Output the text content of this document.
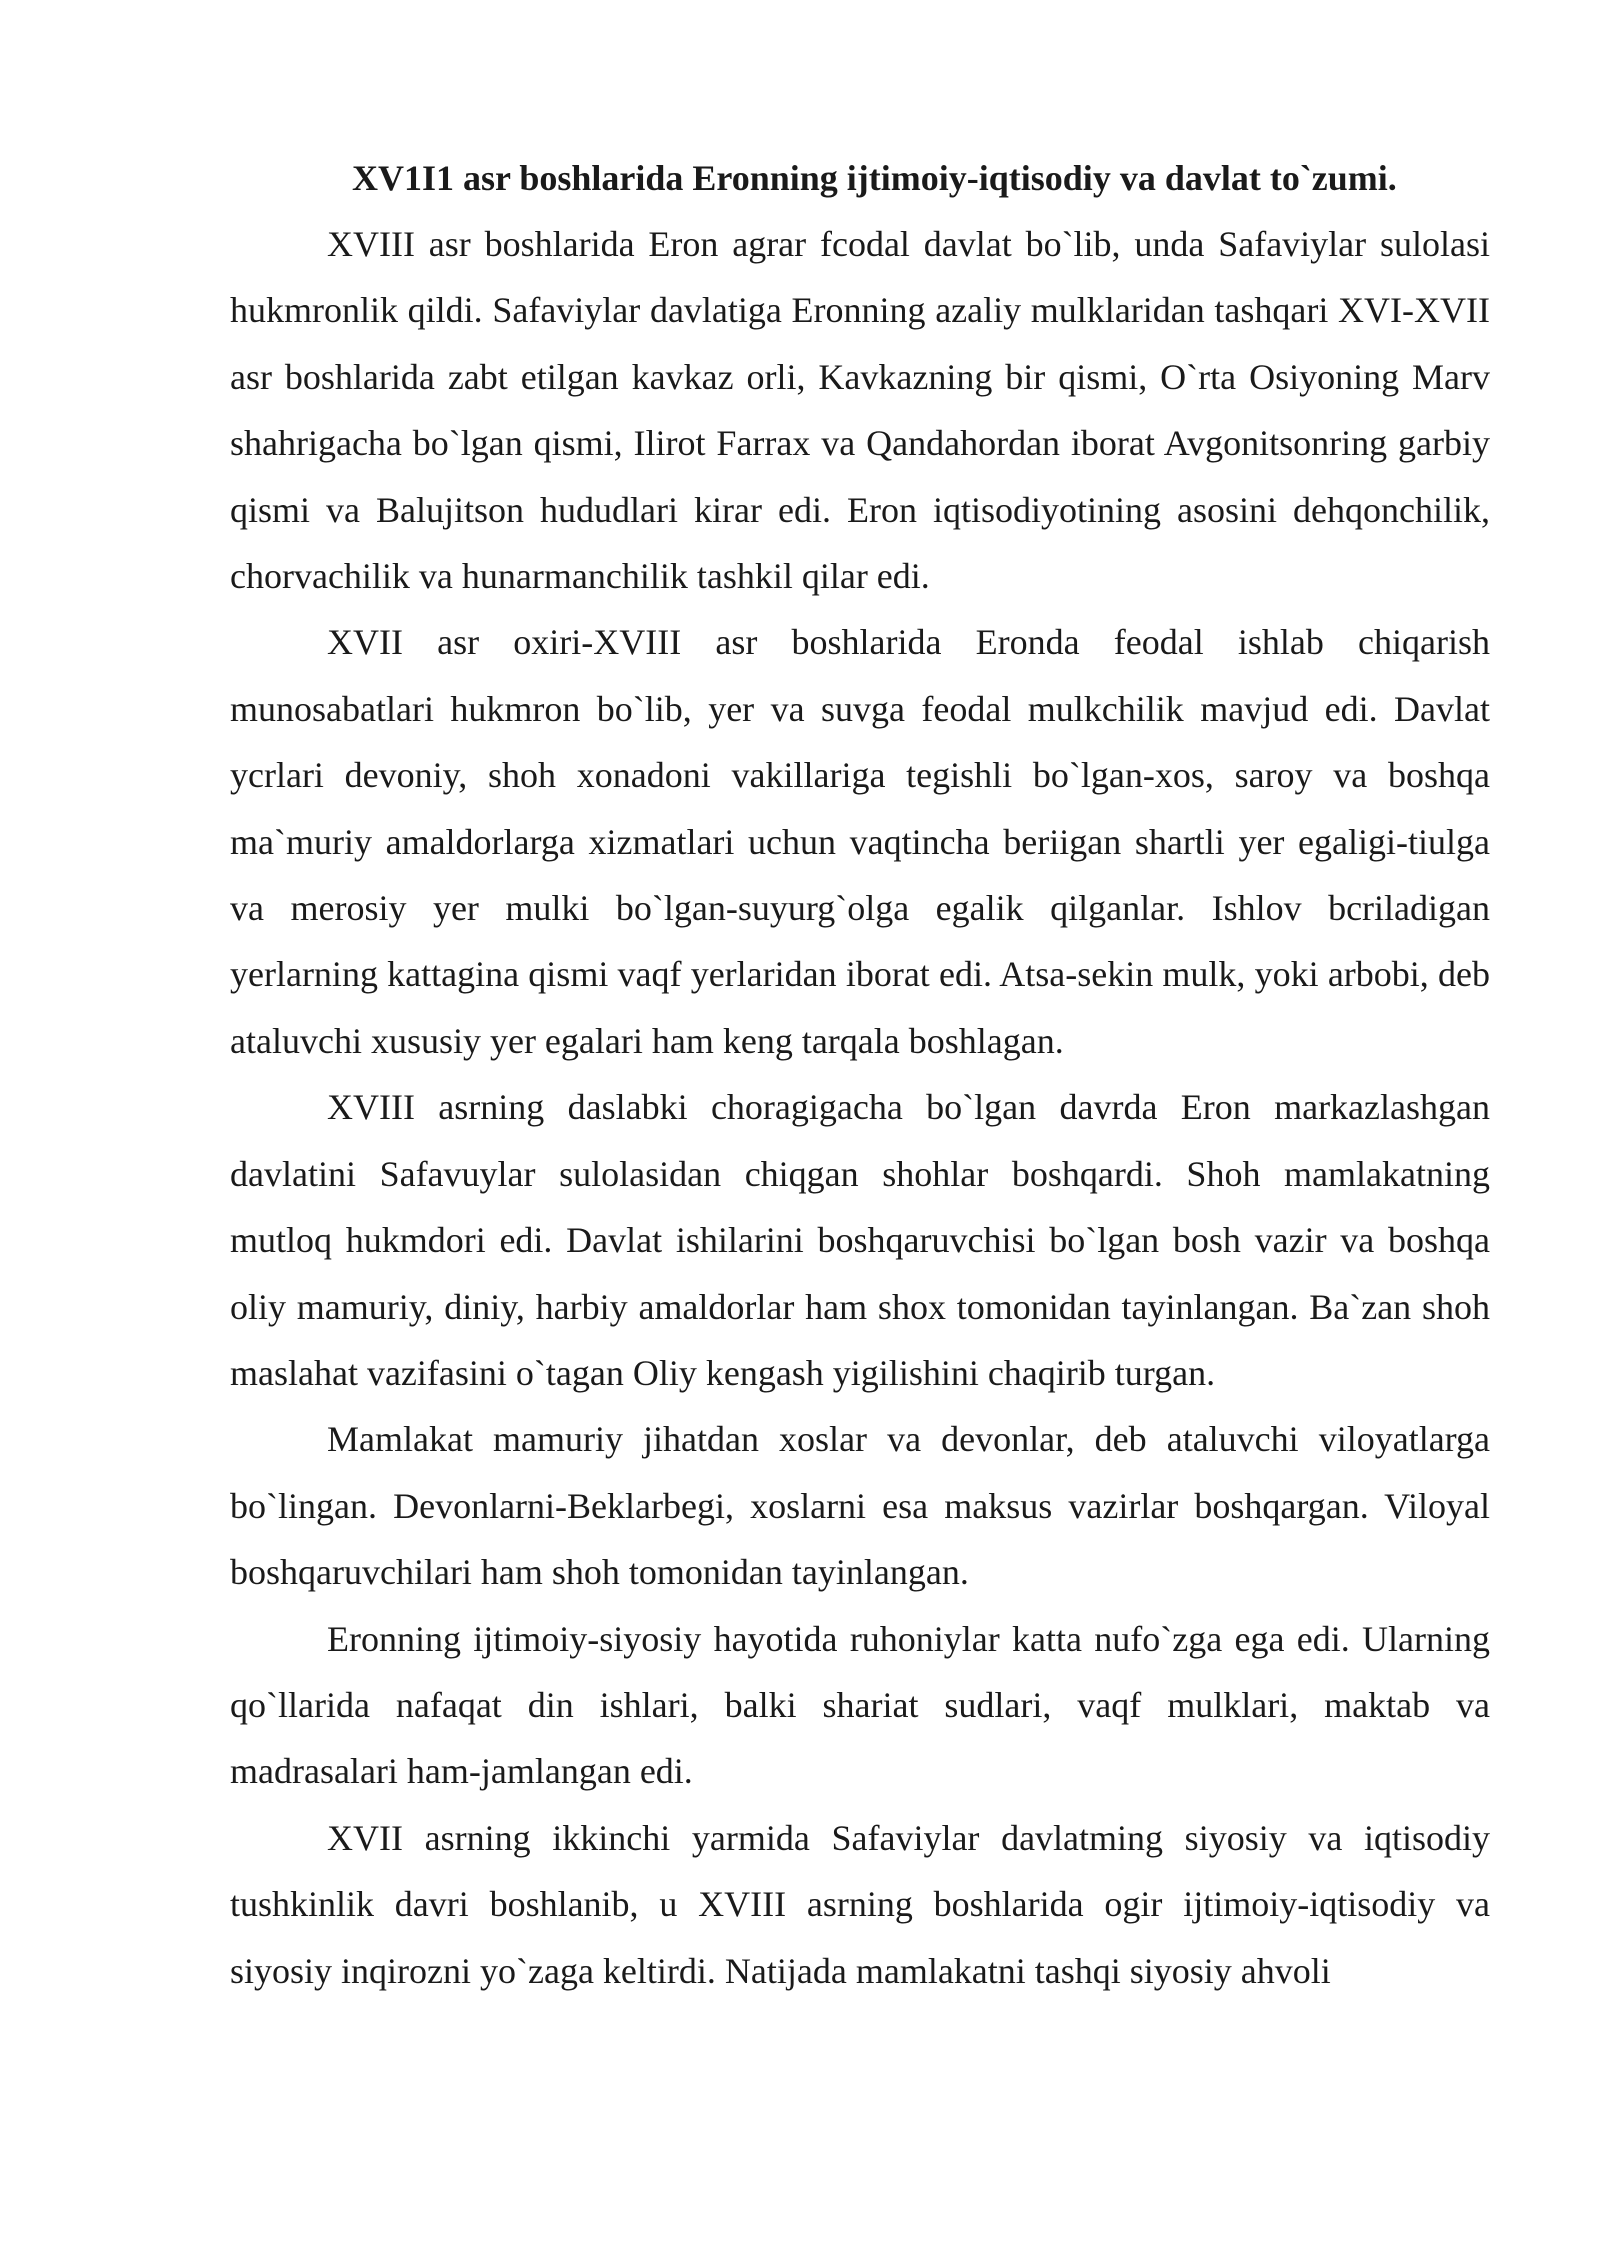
XV1I1 asr boshlarida Eronning ijtimoiy-iqtisodiy va davlat to`zumi.

XVIII asr boshlarida Eron agrar fcodal davlat bo`lib, unda Safaviylar sulolasi hukmronlik qildi. Safaviylar davlatiga Eronning azaliy mulklaridan tashqari XVI-XVII asr boshlarida zabt etilgan kavkaz orli, Kavkazning bir qismi, O`rta Osiyoning Marv shahrigacha bo`lgan qismi, Ilirot Farrax va Qandahordan iborat Avgonitsonring garbiy qismi va Balujitson hududlari kirar edi. Eron iqtisodiyotining asosini dehqonchilik, chorvachilik va hunarmanchilik tashkil qilar edi.

XVII asr oxiri-XVIII asr boshlarida Eronda feodal ishlab chiqarish munosabatlari hukmron bo`lib, yer va suvga feodal mulkchilik mavjud edi. Davlat ycrlari devoniy, shoh xonadoni vakillariga tegishli bo`lgan-xos, saroy va boshqa ma`muriy amaldorlarga xizmatlari uchun vaqtincha beriigan shartli yer egaligi-tiulga va merosiy yer mulki bo`lgan-suyurg`olga egalik qilganlar. Ishlov bcriladigan yerlarning kattagina qismi vaqf yerlaridan iborat edi. Atsa-sekin mulk, yoki arbobi, deb ataluvchi xususiy yer egalari ham keng tarqala boshlagan.

XVIII asrning daslabki choragigacha bo`lgan davrda Eron markazlashgan davlatini Safavuylar sulolasidan chiqgan shohlar boshqardi. Shoh mamlakatning mutloq hukmdori edi. Davlat ishilarini boshqaruvchisi bo`lgan bosh vazir va boshqa oliy mamuriy, diniy, harbiy amaldorlar ham shox tomonidan tayinlangan. Ba`zan shoh maslahat vazifasini o`tagan Oliy kengash yigilishini chaqirib turgan.

Mamlakat mamuriy jihatdan xoslar va devonlar, deb ataluvchi viloyatlarga bo`lingan. Devonlarni-Beklarbegi, xoslarni esa maksus vazirlar boshqargan. Viloyal boshqaruvchilari ham shoh tomonidan tayinlangan.

Eronning ijtimoiy-siyosiy hayotida ruhoniylar katta nufo`zga ega edi. Ularning qo`llarida nafaqat din ishlari, balki shariat sudlari, vaqf mulklari, maktab va madrasalari ham-jamlangan edi.

XVII asrning ikkinchi yarmida Safaviylar davlatming siyosiy va iqtisodiy tushkinlik davri boshlanib, u XVIII asrning boshlarida ogir ijtimoiy-iqtisodiy va siyosiy inqirozni yo`zaga keltirdi. Natijada mamlakatni tashqi siyosiy ahvoli
